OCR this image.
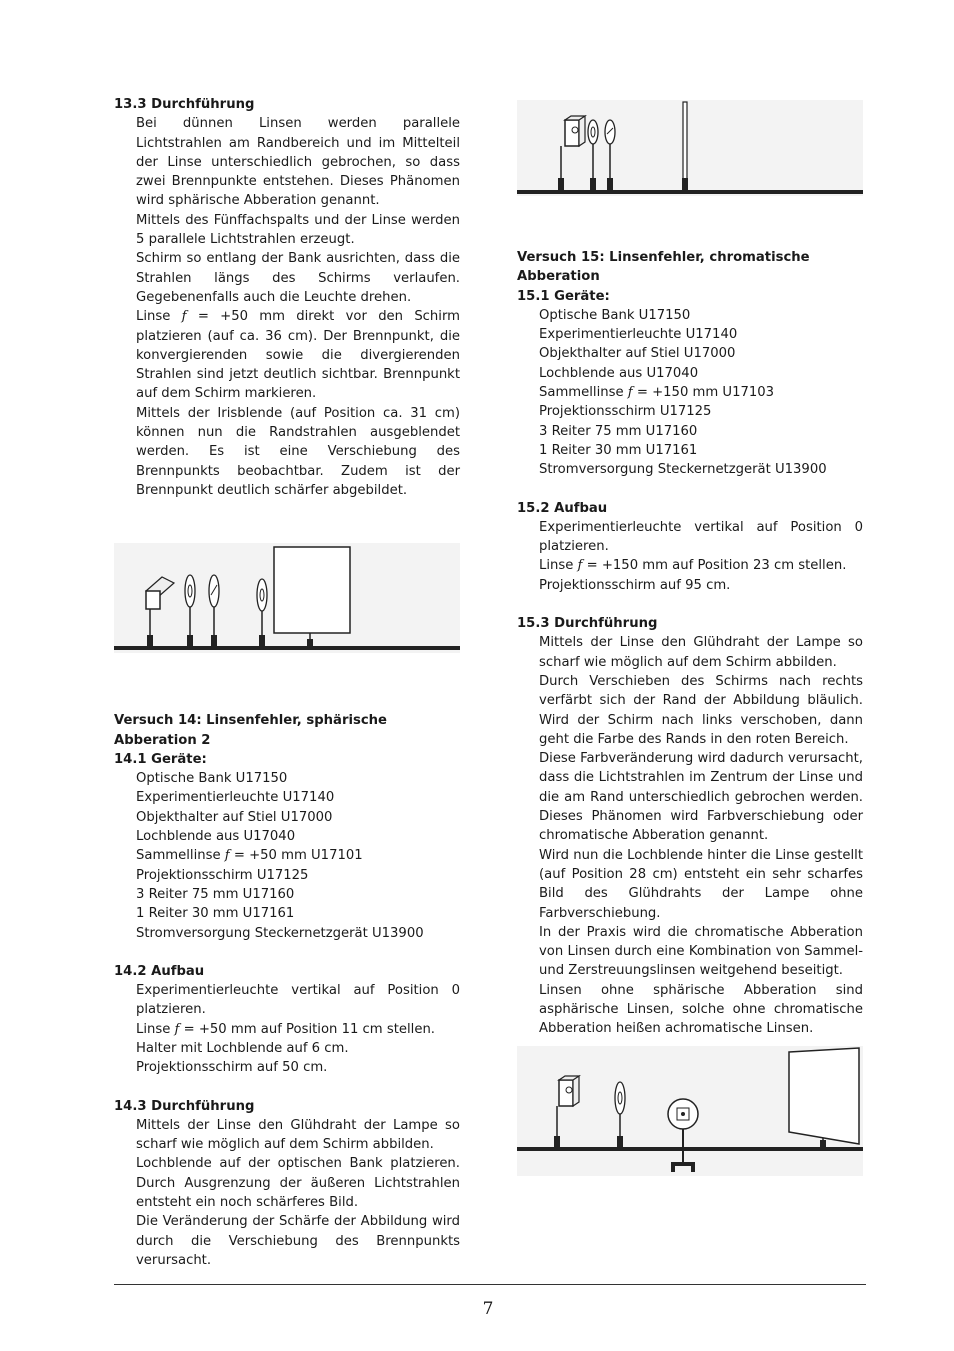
13.3 Durchführung

Bei dünnen Linsen werden parallele Lichtstrahlen am Randbereich und im Mittelteil der Linse unterschiedlich gebrochen, so dass zwei Brennpunkte entstehen. Dieses Phänomen wird sphärische Abberation genannt.

Mittels des Fünffachspalts und der Linse werden 5 parallele Lichtstrahlen erzeugt.

Schirm so entlang der Bank ausrichten, dass die Strahlen längs des Schirms verlaufen. Gegebenenfalls auch die Leuchte drehen.

Linse f = +50 mm direkt vor den Schirm platzieren (auf ca. 36 cm). Der Brennpunkt, die konvergierenden sowie die divergierenden Strahlen sind jetzt deutlich sichtbar. Brennpunkt auf dem Schirm markieren.

Mittels der Irisblende (auf Position ca. 31 cm) können nun die Randstrahlen ausgeblendet werden. Es ist eine Verschiebung des Brennpunkts beobachtbar. Zudem ist der Brennpunkt deutlich schärfer abgebildet.

Versuch 14: Linsenfehler, sphärische Abberation 2

14.1 Geräte:

Optische Bank U17150
Experimentierleuchte U17140
Objekthalter auf Stiel U17000
Lochblende aus U17040
Sammellinse f = +50 mm U17101
Projektionsschirm U17125
3 Reiter 75 mm U17160
1 Reiter 30 mm U17161
Stromversorgung Steckernetzgerät U13900

14.2 Aufbau

Experimentierleuchte vertikal auf Position 0 platzieren.

Linse f = +50 mm auf Position 11 cm stellen.

Halter mit Lochblende auf 6 cm.

Projektionsschirm auf 50 cm.

14.3 Durchführung

Mittels der Linse den Glühdraht der Lampe so scharf wie möglich auf dem Schirm abbilden.

Lochblende auf der optischen Bank platzieren. Durch Ausgrenzung der äußeren Lichtstrahlen entsteht ein noch schärferes Bild.

Die Veränderung der Schärfe der Abbildung wird durch die Verschiebung des Brennpunkts verursacht.

Versuch 15: Linsenfehler, chromatische Abberation

15.1 Geräte:

Optische Bank U17150
Experimentierleuchte U17140
Objekthalter auf Stiel U17000
Lochblende aus U17040
Sammellinse f = +150 mm U17103
Projektionsschirm U17125
3 Reiter 75 mm U17160
1 Reiter 30 mm U17161
Stromversorgung Steckernetzgerät U13900

15.2 Aufbau

Experimentierleuchte vertikal auf Position 0 platzieren.

Linse f = +150 mm auf Position 23 cm stellen.

Projektionsschirm auf 95 cm.

15.3 Durchführung

Mittels der Linse den Glühdraht der Lampe so scharf wie möglich auf dem Schirm abbilden.

Durch Verschieben des Schirms nach rechts verfärbt sich der Rand der Abbildung bläulich. Wird der Schirm nach links verschoben, dann geht die Farbe des Rands in den roten Bereich.

Diese Farbveränderung wird dadurch verursacht, dass die Lichtstrahlen im Zentrum der Linse und die am Rand unterschiedlich gebrochen werden. Dieses Phänomen wird Farbverschiebung oder chromatische Abberation genannt.

Wird nun die Lochblende hinter die Linse gestellt (auf Position 28 cm) entsteht ein sehr scharfes Bild des Glühdrahts der Lampe ohne Farbverschiebung.

In der Praxis wird die chromatische Abberation von Linsen durch eine Kombination von Sammel- und Zerstreuungslinsen weitgehend beseitigt.

Linsen ohne sphärische Abberation sind asphärische Linsen, solche ohne chromatische Abberation heißen achromatische Linsen.

7
